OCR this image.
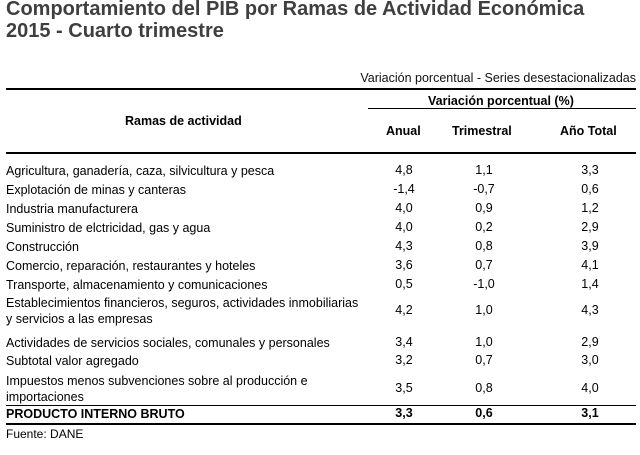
Comportamiento del PIB por Ramas de Actividad Económica
2015 - Cuarto trimestre
Variación porcentual - Series desestacionalizadas
Ramas de actividad
Variación porcentual (%)
Anual	Trimestral	Año Total
Agricultura, ganadería, caza, silvicultura y pesca	4,8	1,1	3,3
Explotación de minas y canteras	-1,4	-0,7	0,6
Industria manufacturera	4,0	0,9	1,2
Suministro de elctricidad, gas y agua	4,0	0,2	2,9
Construcción	4,3	0,8	3,9
Comercio, reparación, restaurantes y hoteles	3,6	0,7	4,1
Transporte, almacenamiento y comunicaciones	0,5	-1,0	1,4
Establecimientos financieros, seguros, actividades inmobiliarias y servicios a las empresas
4,2	1,0	4,3
Actividades de servicios sociales, comunales y personales	3,4	1,0	2,9
Subtotal valor agregado	3,2	0,7	3,0
Impuestos menos subvenciones sobre al producción e importaciones
3,5	0,8	4,0
PRODUCTO INTERNO BRUTO	3,3	0,6	3,1
Fuente: DANE
